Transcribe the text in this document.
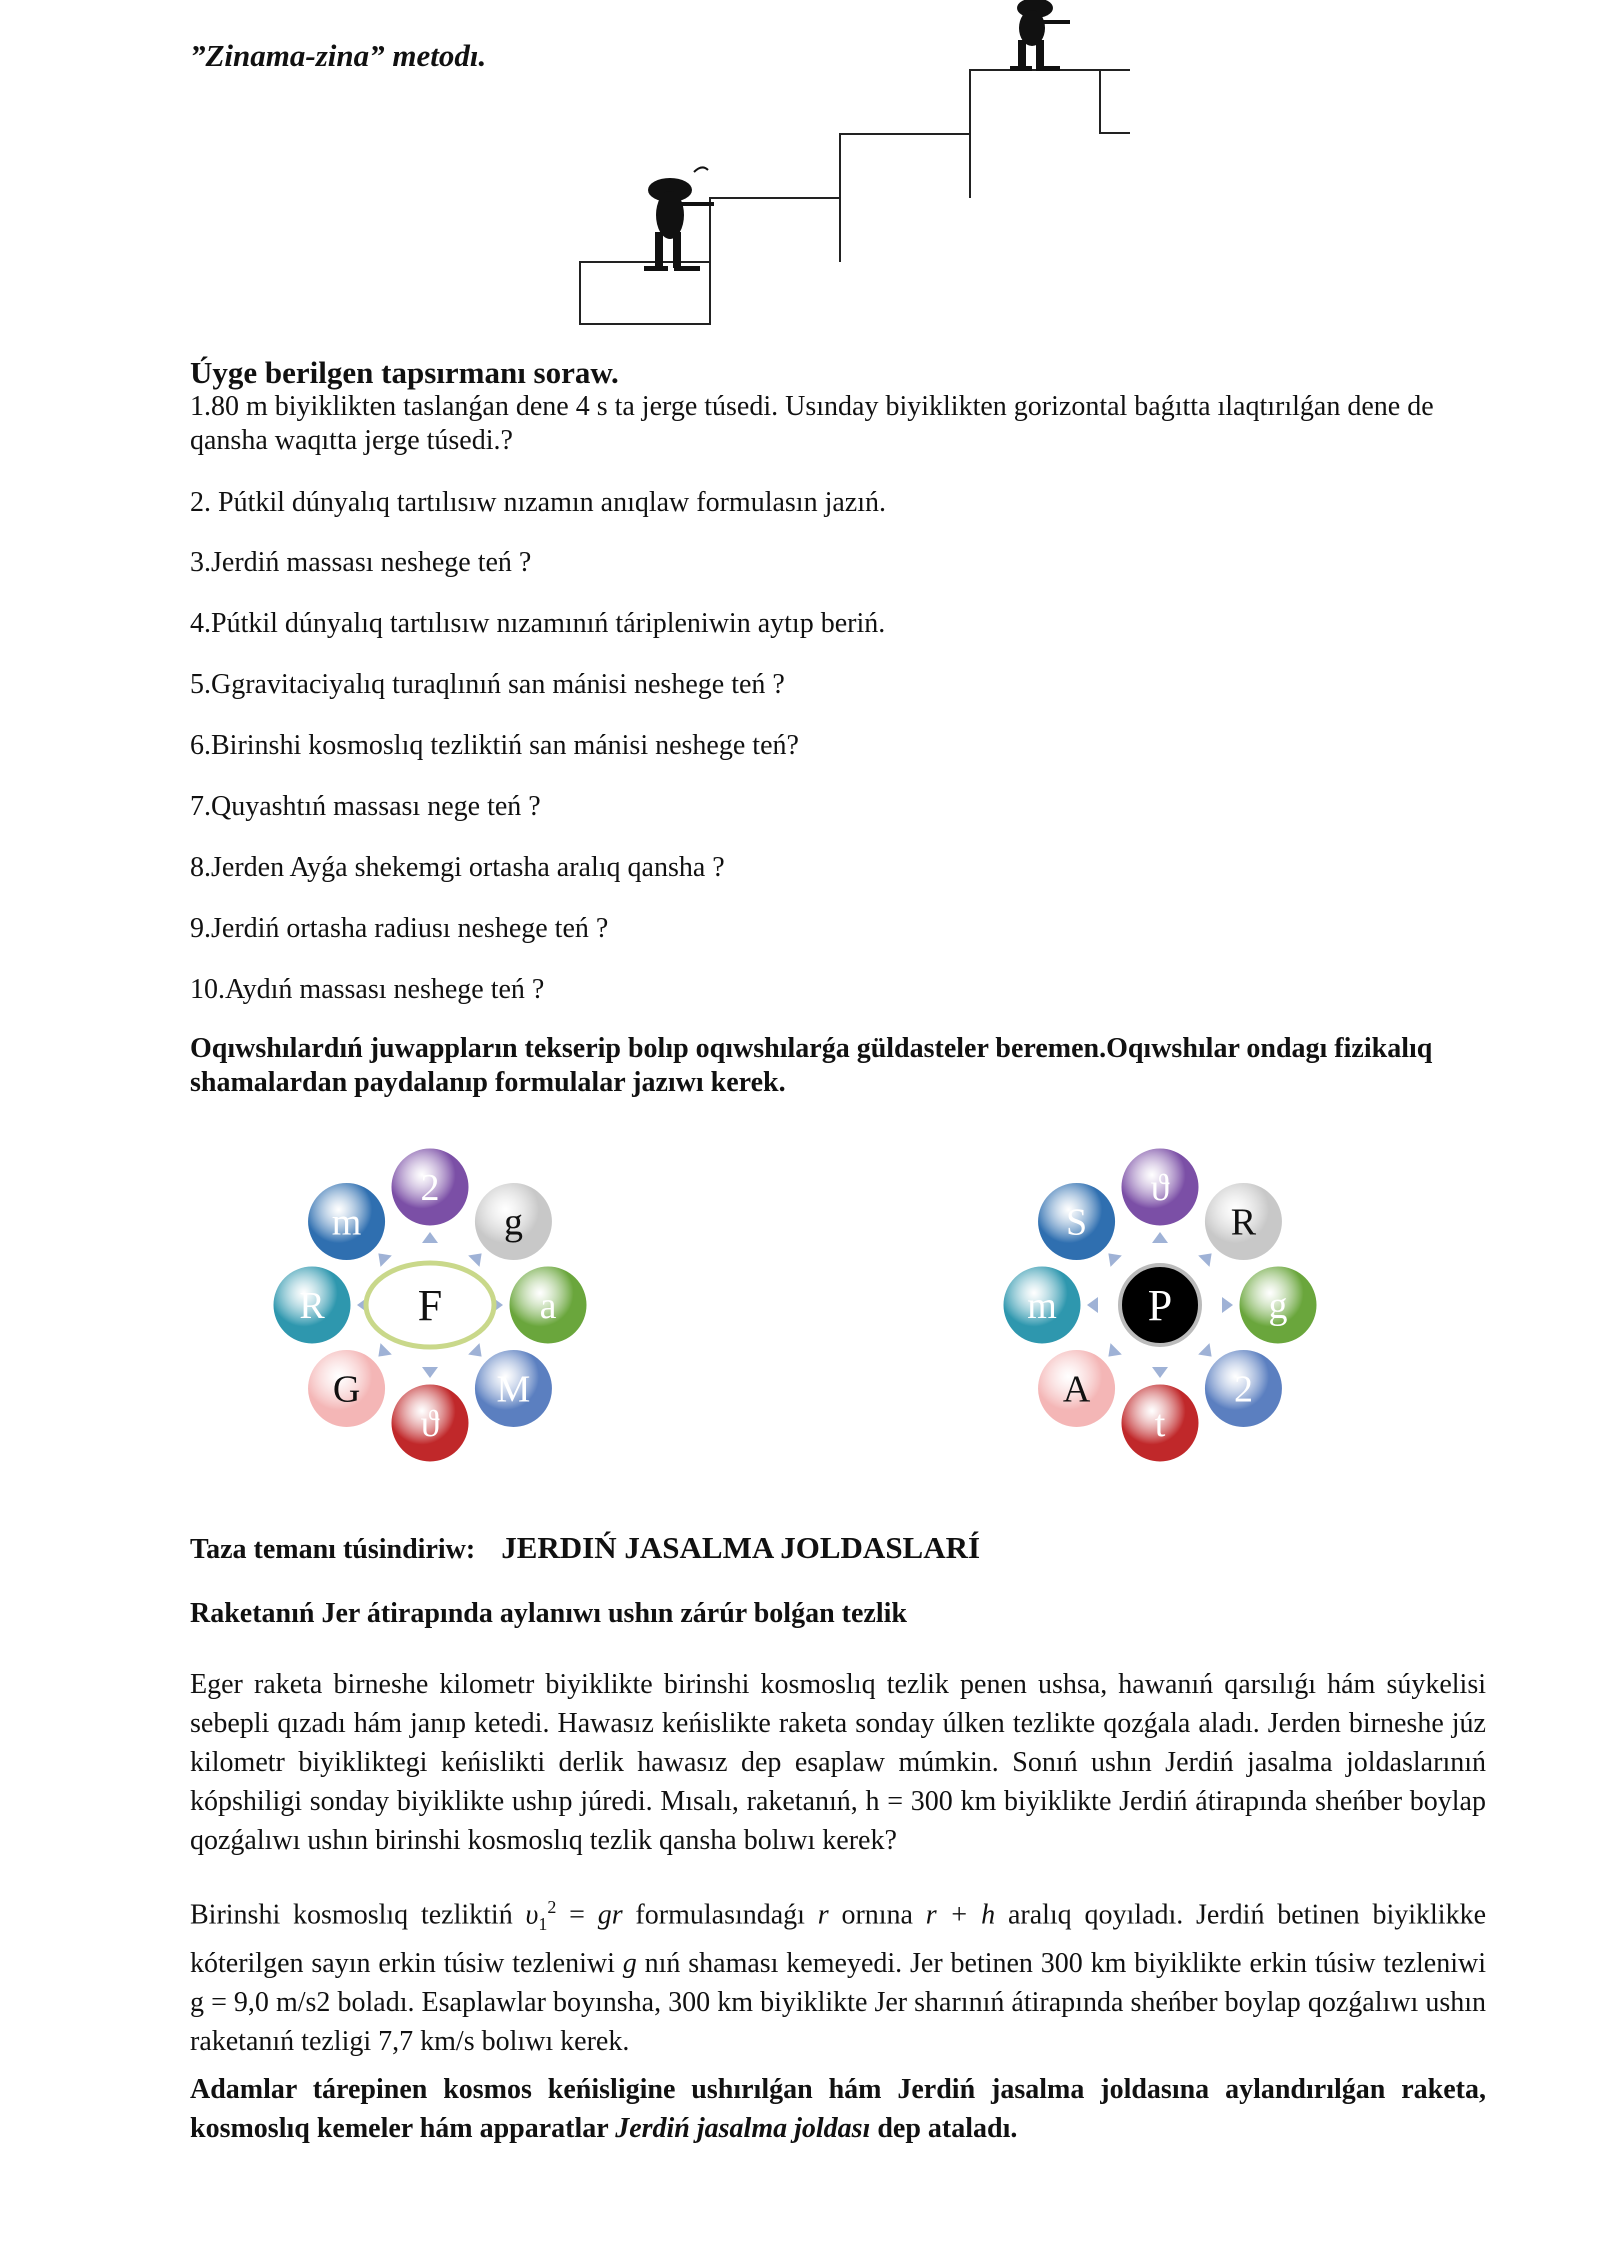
”Zinama-zina” metodı.
Úyge berilgen tapsırmanı soraw.
1.80 m biyiklikten taslanǵan dene 4 s ta jerge túsedi. Usınday biyiklikten gorizontal baǵıtta ılaqtırılǵan dene de qansha waqıtta jerge túsedi.?
2. Pútkil dúnyalıq tartılısıw nızamın anıqlaw formulasın jazıń.
3.Jerdiń massası neshege teń ?
4.Pútkil dúnyalıq tartılısıw nızamınıń táripleniwin aytıp beriń.
5.Ggravitaciyalıq turaqlınıń san mánisi neshege teń ?
6.Birinshi kosmoslıq tezliktiń san mánisi neshege teń?
7.Quyashtıń massası nege teń ?
8.Jerden Ayǵa shekemgi ortasha aralıq qansha ?
9.Jerdiń ortasha radiusı neshege teń ?
10.Aydıń massası neshege teń ?
Oqıwshılardıń juwappların tekserip bolıp oqıwshılarǵa güldasteler beremen.Oqıwshılar ondagı fizikalıq shamalardan paydalanıp formulalar jazıwı kerek.
2
g
a
M
ϑ
G
R
m
F
ϑ
R
g
2
t
A
m
S
P
Taza temanı túsindiriw: JERDIŃ JASALMA JOLDASLARÍ
Raketanıń Jer átirapında aylanıwı ushın zárúr bolǵan tezlik
Eger raketa birneshe kilometr biyiklikte birinshi kosmoslıq tezlik penen ushsa, hawanıń qarsılıǵı hám súykelisi sebepli qızadı hám janıp ketedi. Hawasız keńislikte raketa sonday úlken tezlikte qozǵala aladı. Jerden birneshe júz kilometr biyikliktegi keńislikti derlik hawasız dep esaplaw múmkin. Sonıń ushın Jerdiń jasalma joldaslarınıń kópshiligi sonday biyiklikte ushıp júredi. Mısalı, raketanıń, h = 300 km biyiklikte Jerdiń átirapında sheńber boylap qozǵalıwı ushın birinshi kosmoslıq tezlik qansha bolıwı kerek?
Birinshi kosmoslıq tezliktiń $\upsilon_1^2$ = gr formulasındaǵı r ornına r + h aralıq qoyıladı. Jerdiń betinen biyiklikke kóterilgen sayın erkin túsiw tezleniwi g nıń shaması kemeyedi. Jer betinen 300 km biyiklikte erkin túsiw tezleniwi g = 9,0 m/s2 boladı. Esaplawlar boyınsha, 300 km biyiklikte Jer sharınıń átirapında sheńber boylap qozǵalıwı ushın raketanıń tezligi 7,7 km/s bolıwı kerek.
Adamlar tárepinen kosmos keńisligine ushırılǵan hám Jerdiń jasalma joldasına aylandırılǵan raketa, kosmoslıq kemeler hám apparatlar Jerdiń jasalma joldası dep ataladı.
